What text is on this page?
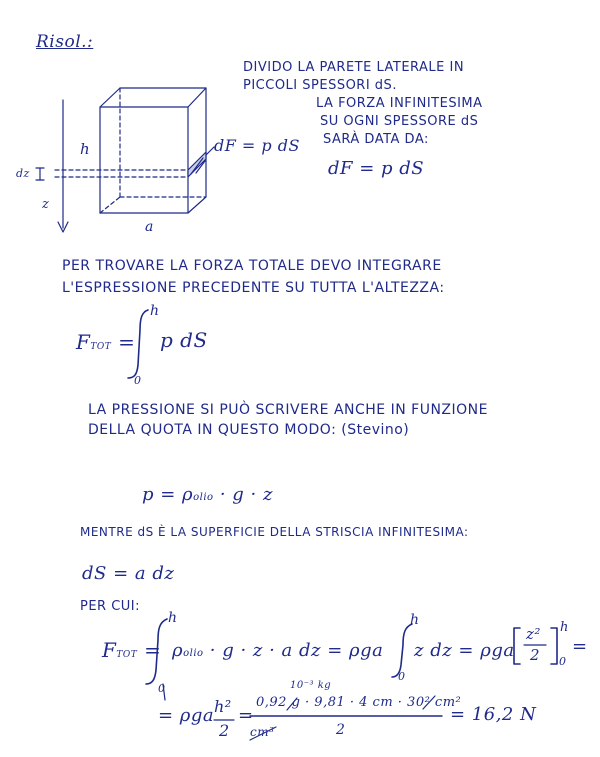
Risol.:
h
dz
z
a
dF = p dS
DIVIDO LA PARETE LATERALE IN
PICCOLI SPESSORI dS.
LA FORZA INFINITESIMA
SU OGNI SPESSORE dS
SARÀ DATA DA:
dF = p dS
PER TROVARE LA FORZA TOTALE DEVO INTEGRARE
L'ESPRESSIONE PRECEDENTE SU TUTTA L'ALTEZZA:
FTOT =
h
0
p dS
LA PRESSIONE SI PUÒ SCRIVERE ANCHE IN FUNZIONE
DELLA QUOTA IN QUESTO MODO: (Stevino)
p = ρolio · g · z
MENTRE dS È LA SUPERFICIE DELLA STRISCIA INFINITESIMA:
dS = a dz
PER CUI:
FTOT =
h
0
ρolio · g · z · a dz = ρga
h
0
z dz = ρga
z²
2
h
0
=
= ρga h²
2
=
10⁻³ kg
0,92 g · 9,81 · 4 cm · 30² cm²
cm³	2
= 16,2 N
